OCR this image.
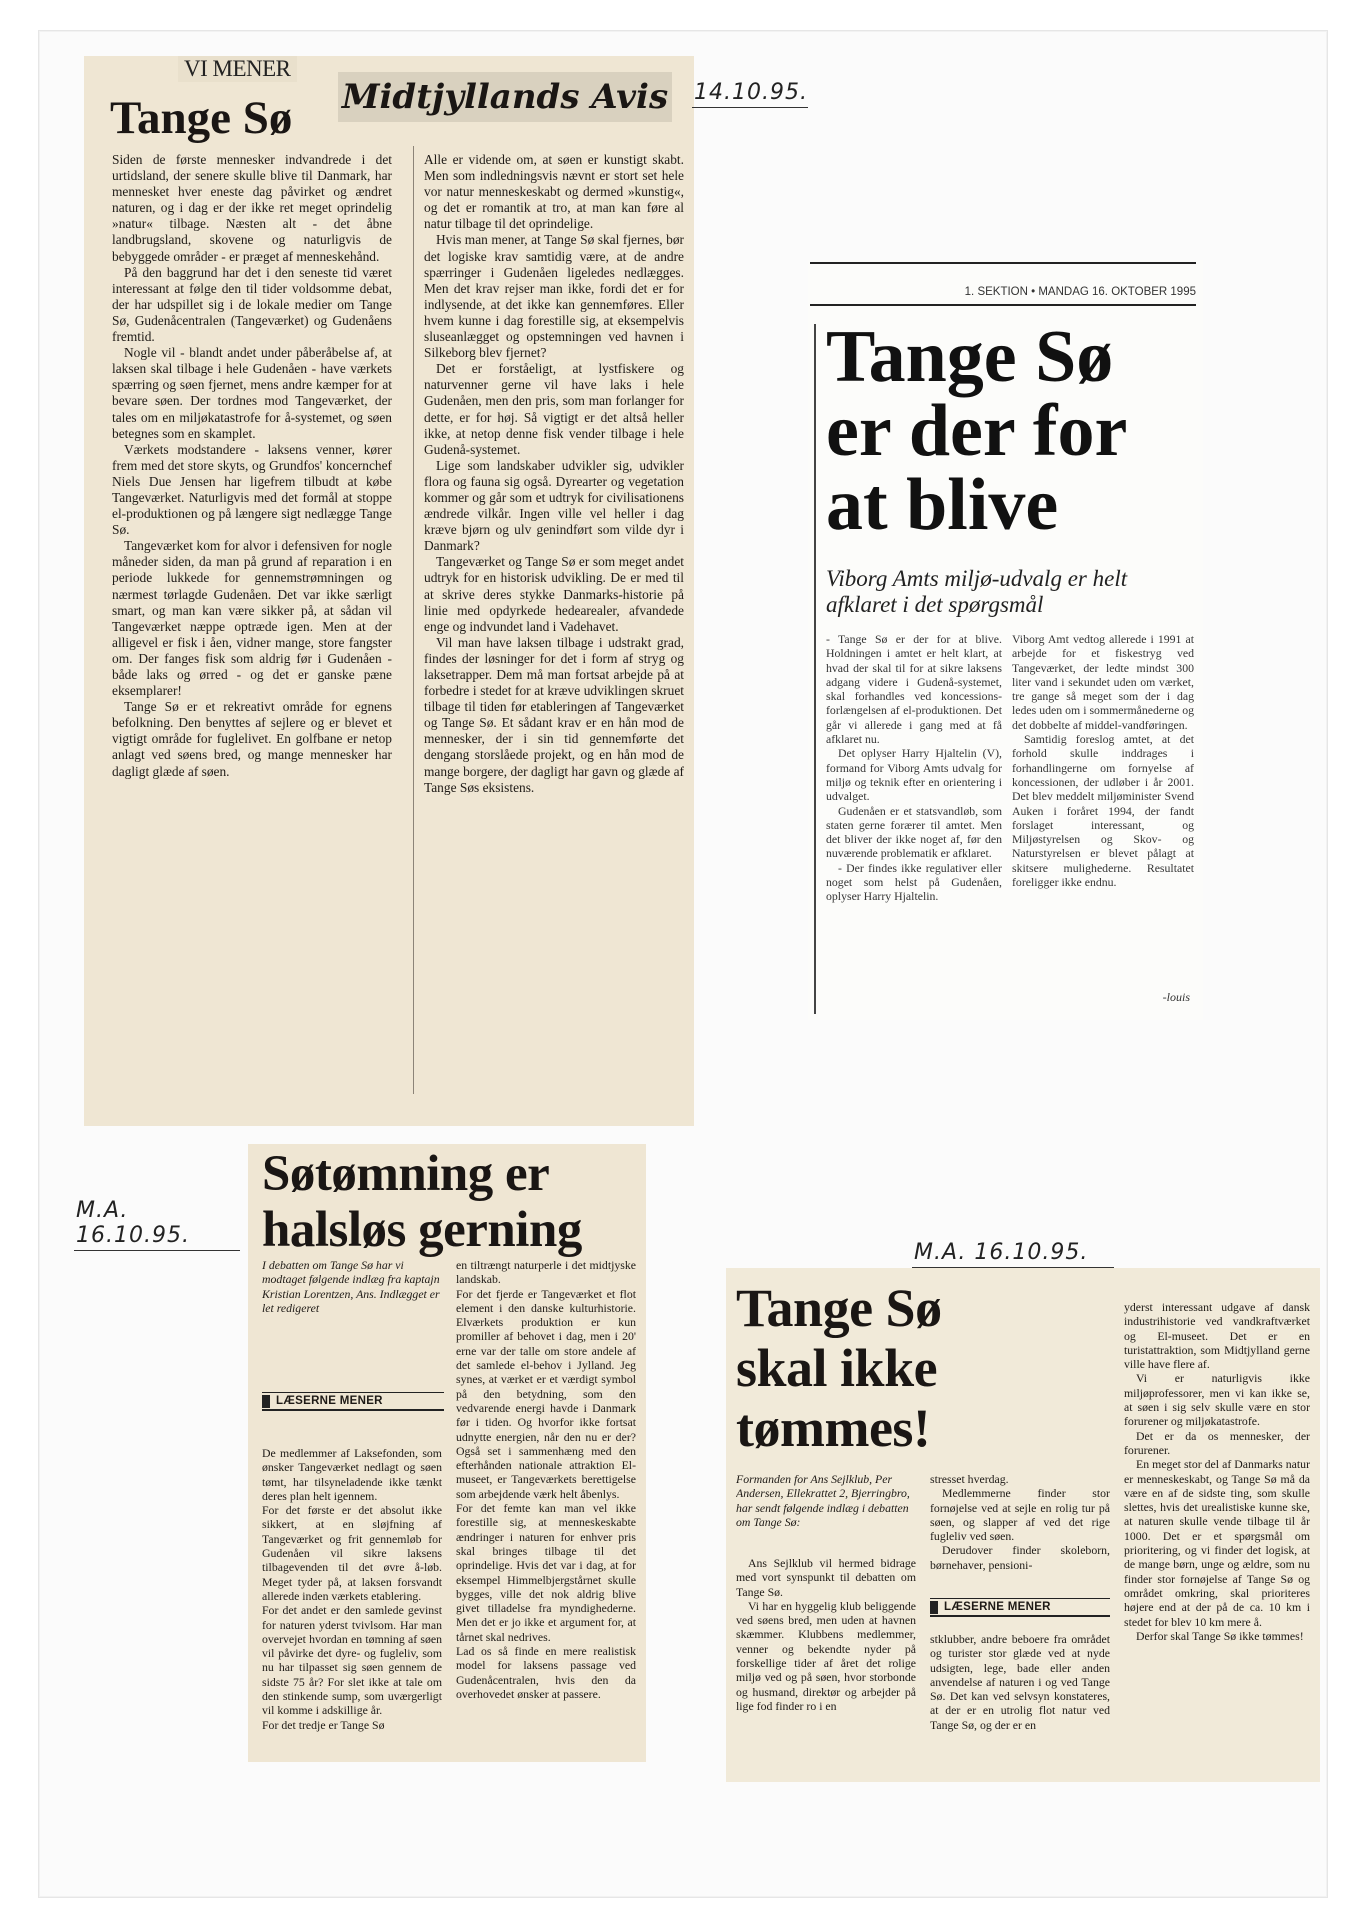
VI MENER
Tange Sø Midtjyllands Avis 14.10.95.

Siden de første mennesker indvandrede i det urtidsland, der senere skulle blive til Danmark, har mennesket hver eneste dag påvirket og ændret naturen, og i dag er der ikke ret meget oprindelig »natur« tilbage. Næsten alt - det åbne landbrugsland, skovene og naturligvis de bebyggede områder - er præget af menneskehånd.

På den baggrund har det i den seneste tid været interessant at følge den til tider voldsomme debat, der har udspillet sig i de lokale medier om Tange Sø, Gudenåcentralen (Tangeværket) og Gudenåens fremtid.

Nogle vil - blandt andet under påberåbelse af, at laksen skal tilbage i hele Gudenåen - have værkets spærring og søen fjernet, mens andre kæmper for at bevare søen. Der tordnes mod Tangeværket, der tales om en miljøkatastrofe for å-systemet, og søen betegnes som en skamplet.

Værkets modstandere - laksens venner, kører frem med det store skyts, og Grundfos' koncernchef Niels Due Jensen har ligefrem tilbudt at købe Tangeværket. Naturligvis med det formål at stoppe el-produktionen og på længere sigt nedlægge Tange Sø.

Tangeværket kom for alvor i defensiven for nogle måneder siden, da man på grund af reparation i en periode lukkede for gennemstrømningen og nærmest tørlagde Gudenåen. Det var ikke særligt smart, og man kan være sikker på, at sådan vil Tangeværket næppe optræde igen. Men at der alligevel er fisk i åen, vidner mange, store fangster om. Der fanges fisk som aldrig før i Gudenåen - både laks og ørred - og det er ganske pæne eksemplarer!

Tange Sø er et rekreativt område for egnens befolkning. Den benyttes af sejlere og er blevet et vigtigt område for fuglelivet. En golfbane er netop anlagt ved søens bred, og mange mennesker har dagligt glæde af søen.

Alle er vidende om, at søen er kunstigt skabt. Men som indledningsvis nævnt er stort set hele vor natur menneskeskabt og dermed »kunstig«, og det er romantik at tro, at man kan føre al natur tilbage til det oprindelige.

Hvis man mener, at Tange Sø skal fjernes, bør det logiske krav samtidig være, at de andre spærringer i Gudenåen ligeledes nedlægges. Men det krav rejser man ikke, fordi det er for indlysende, at det ikke kan gennemføres. Eller hvem kunne i dag forestille sig, at eksempelvis sluseanlægget og opstemningen ved havnen i Silkeborg blev fjernet?

Det er forståeligt, at lystfiskere og naturvenner gerne vil have laks i hele Gudenåen, men den pris, som man forlanger for dette, er for høj. Så vigtigt er det altså heller ikke, at netop denne fisk vender tilbage i hele Gudenå-systemet.

Lige som landskaber udvikler sig, udvikler flora og fauna sig også. Dyrearter og vegetation kommer og går som et udtryk for civilisationens ændrede vilkår. Ingen ville vel heller i dag kræve bjørn og ulv genindført som vilde dyr i Danmark?

Tangeværket og Tange Sø er som meget andet udtryk for en historisk udvikling. De er med til at skrive deres stykke Danmarks-historie på linie med opdyrkede hedearealer, afvandede enge og indvundet land i Vadehavet.

Vil man have laksen tilbage i udstrakt grad, findes der løsninger for det i form af stryg og laksetrapper. Dem må man fortsat arbejde på at forbedre i stedet for at kræve udviklingen skruet tilbage til tiden før etableringen af Tangeværket og Tange Sø. Et sådant krav er en hån mod de mennesker, der i sin tid gennemførte det dengang storslåede projekt, og en hån mod de mange borgere, der dagligt har gavn og glæde af Tange Søs eksistens.

1. SEKTION • MANDAG 16. OKTOBER 1995
Tange Sø
er der for
at blive
Viborg Amts miljø-udvalg er helt afklaret i det spørgsmål

- Tange Sø er der for at blive. Holdningen i amtet er helt klart, at hvad der skal til for at sikre laksens adgang videre i Gudenå-systemet, skal forhandles ved koncessions-forlængelsen af el-produktionen. Det går vi allerede i gang med at få afklaret nu.

Det oplyser Harry Hjaltelin (V), formand for Viborg Amts udvalg for miljø og teknik efter en orientering i udvalget.

Gudenåen er et statsvandløb, som staten gerne forærer til amtet. Men det bliver der ikke noget af, før den nuværende problematik er afklaret.

- Der findes ikke regulativer eller noget som helst på Gudenåen, oplyser Harry Hjaltelin.

Viborg Amt vedtog allerede i 1991 at arbejde for et fiskestryg ved Tangeværket, der ledte mindst 300 liter vand i sekundet uden om værket, tre gange så meget som der i dag ledes uden om i sommermånederne og det dobbelte af middel-vandføringen.

Samtidig foreslog amtet, at det forhold skulle inddrages i forhandlingerne om fornyelse af koncessionen, der udløber i år 2001. Det blev meddelt miljøminister Svend Auken i foråret 1994, der fandt forslaget interessant, og Miljøstyrelsen og Skov- og Naturstyrelsen er blevet pålagt at skitsere mulighederne. Resultatet foreligger ikke endnu.

-louis
M.A. 16.10.95.
Søtømning er
halsløs gerning

I debatten om Tange Sø har vi modtaget følgende indlæg fra kaptajn Kristian Lorentzen, Ans. Indlægget er let redigeret

LÆSERNE MENER

De medlemmer af Laksefonden, som ønsker Tangeværket nedlagt og søen tømt, har tilsyneladende ikke tænkt deres plan helt igennem.

For det første er det absolut ikke sikkert, at en sløjfning af Tangeværket og frit gennemløb for Gudenåen vil sikre laksens tilbagevenden til det øvre å-løb. Meget tyder på, at laksen forsvandt allerede inden værkets etablering.

For det andet er den samlede gevinst for naturen yderst tvivlsom. Har man overvejet hvordan en tømning af søen vil påvirke det dyre- og fugleliv, som nu har tilpasset sig søen gennem de sidste 75 år? For slet ikke at tale om den stinkende sump, som uværgerligt vil komme i adskillige år.

For det tredje er Tange Sø

en tiltrængt naturperle i det midtjyske landskab.

For det fjerde er Tangeværket et flot element i den danske kulturhistorie. Elværkets produktion er kun promiller af behovet i dag, men i 20' erne var der talle om store andele af det samlede el-behov i Jylland. Jeg synes, at værket er et værdigt symbol på den betydning, som den vedvarende energi havde i Danmark før i tiden. Og hvorfor ikke fortsat udnytte energien, når den nu er der? Også set i sammenhæng med den efterhånden nationale attraktion El-museet, er Tangeværkets berettigelse som arbejdende værk helt åbenlys.

For det femte kan man vel ikke forestille sig, at menneskeskabte ændringer i naturen for enhver pris skal bringes tilbage til det oprindelige. Hvis det var i dag, at for eksempel Himmelbjergstårnet skulle bygges, ville det nok aldrig blive givet tilladelse fra myndighederne. Men det er jo ikke et argument for, at tårnet skal nedrives.

Lad os så finde en mere realistisk model for laksens passage ved Gudenåcentralen, hvis den da overhovedet ønsker at passere.

M.A. 16.10.95.
Tange Sø
skal ikke
tømmes!

Formanden for Ans Sejlklub, Per Andersen, Ellekrattet 2, Bjerringbro, har sendt følgende indlæg i debatten om Tange Sø:

Ans Sejlklub vil hermed bidrage med vort synspunkt til debatten om Tange Sø.

Vi har en hyggelig klub beliggende ved søens bred, men uden at havnen skæmmer. Klubbens medlemmer, venner og bekendte nyder på forskellige tider af året det rolige miljø ved og på søen, hvor storbonde og husmand, direktør og arbejder på lige fod finder ro i en

stresset hverdag.

Medlemmerne finder stor fornøjelse ved at sejle en rolig tur på søen, og slapper af ved det rige fugleliv ved søen.

Derudover finder skoleborn, børnehaver, pensioni-

LÆSERNE MENER

stklubber, andre beboere fra området og turister stor glæde ved at nyde udsigten, lege, bade eller anden anvendelse af naturen i og ved Tange Sø. Det kan ved selvsyn konstateres, at der er en utrolig flot natur ved Tange Sø, og der er en

yderst interessant udgave af dansk industrihistorie ved vandkraftværket og El-museet. Det er en turistattraktion, som Midtjylland gerne ville have flere af.

Vi er naturligvis ikke miljøprofessorer, men vi kan ikke se, at søen i sig selv skulle være en stor forurener og miljøkatastrofe.

Det er da os mennesker, der forurener.

En meget stor del af Danmarks natur er menneskeskabt, og Tange Sø må da være en af de sidste ting, som skulle slettes, hvis det urealistiske kunne ske, at naturen skulle vende tilbage til år 1000. Det er et spørgsmål om prioritering, og vi finder det logisk, at de mange børn, unge og ældre, som nu finder stor fornøjelse af Tange Sø og området omkring, skal prioriteres højere end at der på de ca. 10 km i stedet for blev 10 km mere å.

Derfor skal Tange Sø ikke tømmes!
